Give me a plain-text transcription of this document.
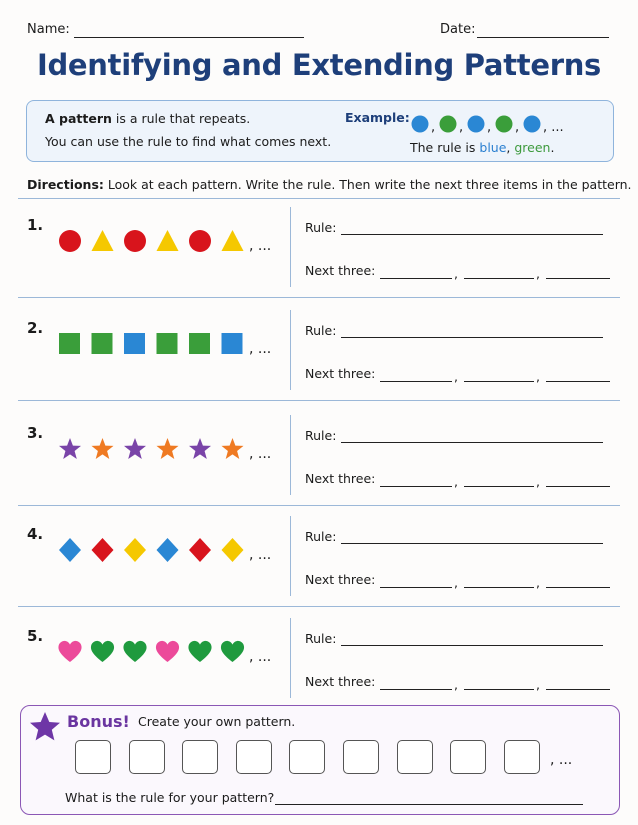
Name:	Date:
Identifying and Extending Patterns
A pattern is a rule that repeats.
You can use the rule to find what comes next.
Example:
, , , , , ...
The rule is blue, green.
Directions: Look at each pattern. Write the rule. Then write the next three items in the pattern.
1.
, ...
Rule:
Next three:	,	,
2.
, ...
Rule:
Next three:	,	,
3.
, ...
Rule:
Next three:	,	,
4.
, ...
Rule:
Next three:	,	,
5.
, ...
Rule:
Next three:	,	,
Bonus! Create your own pattern.
, ...
What is the rule for your pattern?
